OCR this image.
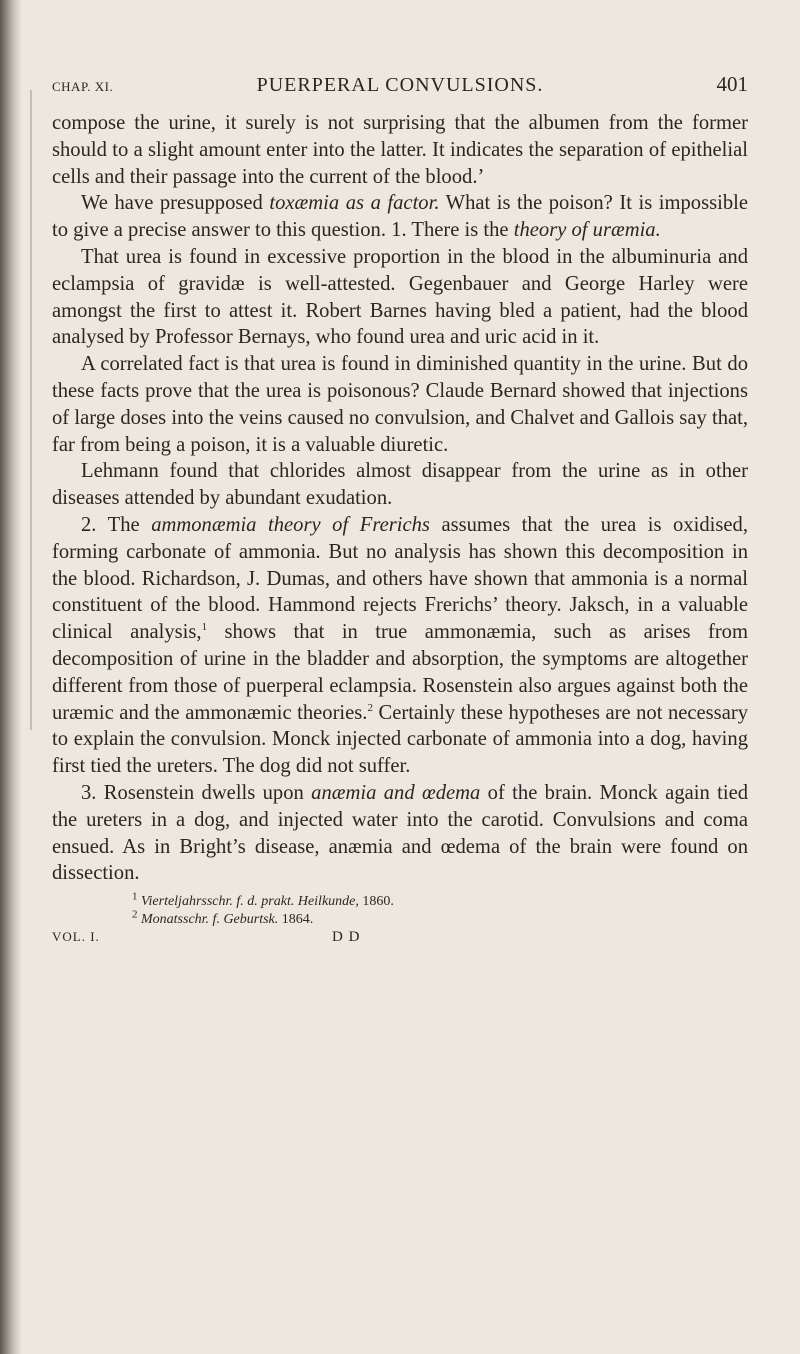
CHAP. XI.	PUERPERAL CONVULSIONS.	401

compose the urine, it surely is not surprising that the albumen from the former should to a slight amount enter into the latter. It indicates the separation of epithelial cells and their passage into the current of the blood.’

We have presupposed toxæmia as a factor. What is the poison? It is impossible to give a precise answer to this question. 1. There is the theory of uræmia.

That urea is found in excessive proportion in the blood in the albuminuria and eclampsia of gravidæ is well-attested. Gegenbauer and George Harley were amongst the first to attest it. Robert Barnes having bled a patient, had the blood analysed by Professor Bernays, who found urea and uric acid in it.

A correlated fact is that urea is found in diminished quantity in the urine. But do these facts prove that the urea is poisonous? Claude Bernard showed that injections of large doses into the veins caused no convulsion, and Chalvet and Gallois say that, far from being a poison, it is a valuable diuretic.

Lehmann found that chlorides almost disappear from the urine as in other diseases attended by abundant exudation.

2. The ammonæmia theory of Frerichs assumes that the urea is oxidised, forming carbonate of ammonia. But no analysis has shown this decomposition in the blood. Richardson, J. Dumas, and others have shown that ammonia is a normal constituent of the blood. Hammond rejects Frerichs’ theory. Jaksch, in a valuable clinical analysis,$^1$ shows that in true ammonæmia, such as arises from decomposition of urine in the bladder and absorption, the symptoms are altogether different from those of puerperal eclampsia. Rosenstein also argues against both the uræmic and the ammonæmic theories.$^2$ Certainly these hypotheses are not necessary to explain the convulsion. Monck injected carbonate of ammonia into a dog, having first tied the ureters. The dog did not suffer.

3. Rosenstein dwells upon anæmia and œdema of the brain. Monck again tied the ureters in a dog, and injected water into the carotid. Convulsions and coma ensued. As in Bright’s disease, anæmia and œdema of the brain were found on dissection.

$^1$ Vierteljahrsschr. f. d. prakt. Heilkunde, 1860.
$^2$ Monatsschr. f. Geburtsk. 1864.
VOL. I.	D D
